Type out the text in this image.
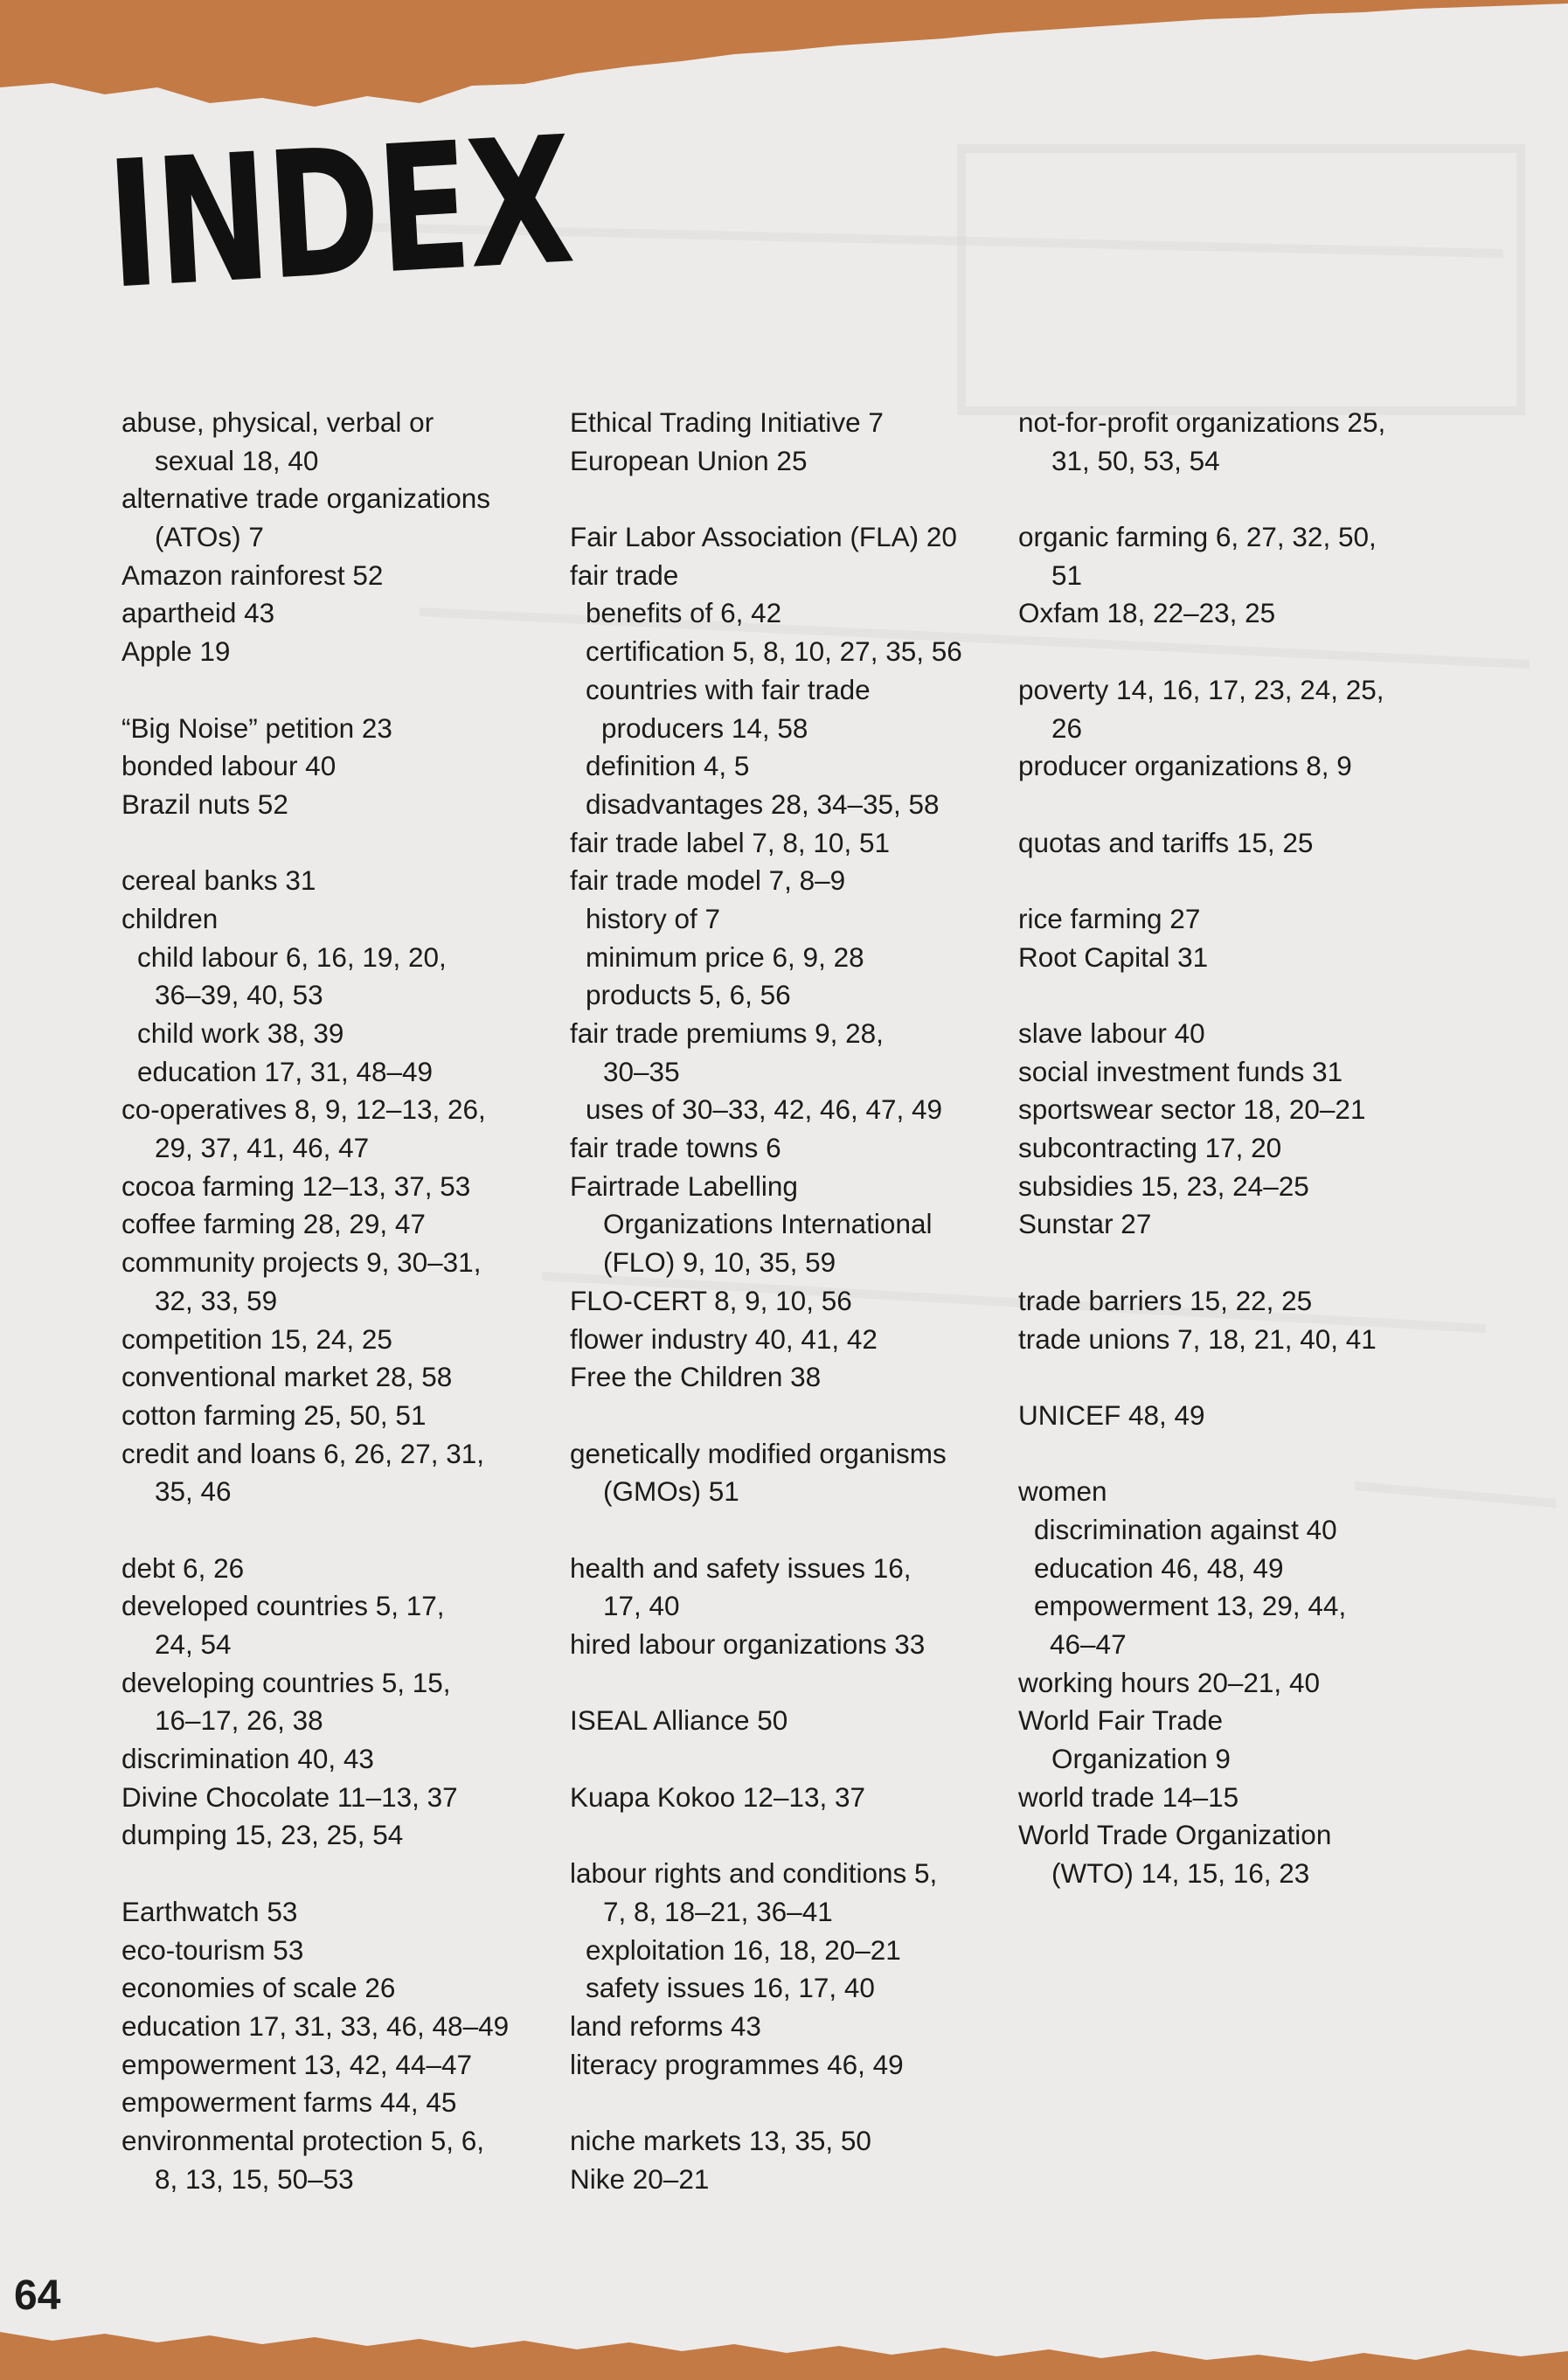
INDEX
abuse, physical, verbal or
sexual 18, 40
alternative trade organizations
(ATOs) 7
Amazon rainforest 52
apartheid 43
Apple 19
“Big Noise” petition 23
bonded labour 40
Brazil nuts 52
cereal banks 31
children
child labour 6, 16, 19, 20,
36–39, 40, 53
child work 38, 39
education 17, 31, 48–49
co-operatives 8, 9, 12–13, 26,
29, 37, 41, 46, 47
cocoa farming 12–13, 37, 53
coffee farming 28, 29, 47
community projects 9, 30–31,
32, 33, 59
competition 15, 24, 25
conventional market 28, 58
cotton farming 25, 50, 51
credit and loans 6, 26, 27, 31,
35, 46
debt 6, 26
developed countries 5, 17,
24, 54
developing countries 5, 15,
16–17, 26, 38
discrimination 40, 43
Divine Chocolate 11–13, 37
dumping 15, 23, 25, 54
Earthwatch 53
eco-tourism 53
economies of scale 26
education 17, 31, 33, 46, 48–49
empowerment 13, 42, 44–47
empowerment farms 44, 45
environmental protection 5, 6,
8, 13, 15, 50–53
Ethical Trading Initiative 7
European Union 25
Fair Labor Association (FLA) 20
fair trade
benefits of 6, 42
certification 5, 8, 10, 27, 35, 56
countries with fair trade
producers 14, 58
definition 4, 5
disadvantages 28, 34–35, 58
fair trade label 7, 8, 10, 51
fair trade model 7, 8–9
history of 7
minimum price 6, 9, 28
products 5, 6, 56
fair trade premiums 9, 28,
30–35
uses of 30–33, 42, 46, 47, 49
fair trade towns 6
Fairtrade Labelling
Organizations International
(FLO) 9, 10, 35, 59
FLO-CERT 8, 9, 10, 56
flower industry 40, 41, 42
Free the Children 38
genetically modified organisms
(GMOs) 51
health and safety issues 16,
17, 40
hired labour organizations 33
ISEAL Alliance 50
Kuapa Kokoo 12–13, 37
labour rights and conditions 5,
7, 8, 18–21, 36–41
exploitation 16, 18, 20–21
safety issues 16, 17, 40
land reforms 43
literacy programmes 46, 49
niche markets 13, 35, 50
Nike 20–21
not-for-profit organizations 25,
31, 50, 53, 54
organic farming 6, 27, 32, 50,
51
Oxfam 18, 22–23, 25
poverty 14, 16, 17, 23, 24, 25,
26
producer organizations 8, 9
quotas and tariffs 15, 25
rice farming 27
Root Capital 31
slave labour 40
social investment funds 31
sportswear sector 18, 20–21
subcontracting 17, 20
subsidies 15, 23, 24–25
Sunstar 27
trade barriers 15, 22, 25
trade unions 7, 18, 21, 40, 41
UNICEF 48, 49
women
discrimination against 40
education 46, 48, 49
empowerment 13, 29, 44,
46–47
working hours 20–21, 40
World Fair Trade
Organization 9
world trade 14–15
World Trade Organization
(WTO) 14, 15, 16, 23
64
